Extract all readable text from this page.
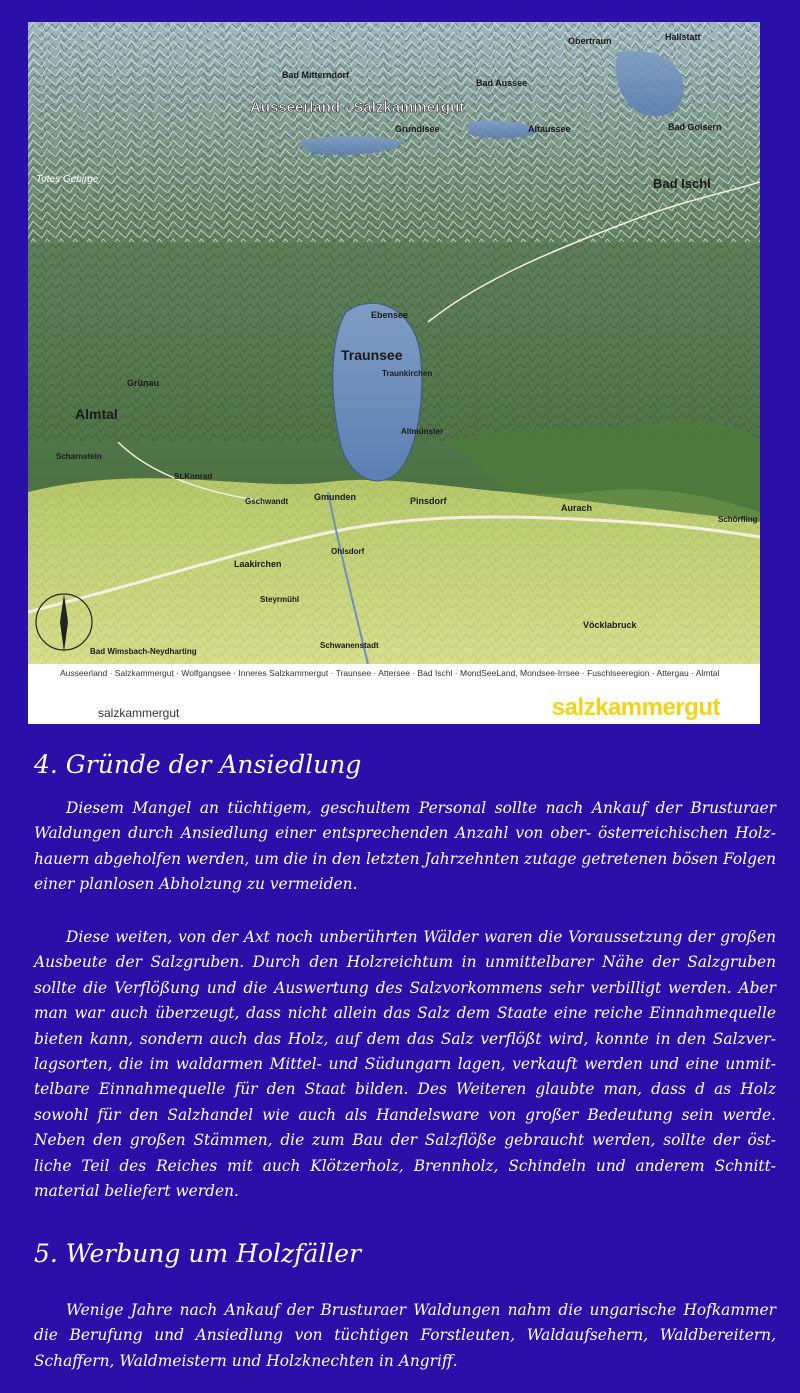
Ausseerland - Salzkammergut
Bad Ischl
Traunsee
Almtal
Gmunden
Ebensee
Hallstatt
Obertraun
Bad Aussee
Bad Mitterndorf
Grundlsee	Altaussee	Bad Goisern
Totes Gebirge
Grünau
Scharnstein
St.Konrad
Laakirchen
Ohlsdorf
Pinsdorf
Altmünster
Traunkirchen
Aurach
Vöcklabruck
Steyrmühl
Schwanenstadt
Bad Wimsbach-Neydharting
Gschwandt
Schörfling
Ausseerland · Salzkammergut · Wolfgangsee · Inneres Salzkammergut · Traunsee · Attersee · Bad Ischl · MondSeeLand, Mondsee-Irrsee · Fuschlseeregion · Attergau · Almtal
salzkammergut	salzkammergut
4. Gründe der Ansiedlung

Diesem Mangel an tüchtigem, geschultem Personal sollte nach Ankauf der Brusturaer Waldungen durch Ansiedlung einer entsprechenden Anzahl von ober- österreichischen Holz- hauern abgeholfen werden, um die in den letzten Jahrzehnten zutage getretenen bösen Folgen einer planlosen Abholzung zu vermeiden.

Diese weiten, von der Axt noch unberührten Wälder waren die Voraussetzung der großen Ausbeute der Salzgruben. Durch den Holzreichtum in unmittelbarer Nähe der Salzgruben sollte die Verflößung und die Auswertung des Salzvorkommens sehr verbilligt werden. Aber man war auch überzeugt, dass nicht allein das Salz dem Staate eine reiche Einnahmequelle bieten kann, sondern auch das Holz, auf dem das Salz verflößt wird, konnte in den Salzver- lagsorten, die im waldarmen Mittel- und Südungarn lagen, verkauft werden und eine unmit- telbare Einnahmequelle für den Staat bilden. Des Weiteren glaubte man, dass d as Holz sowohl für den Salzhandel wie auch als Handelsware von großer Bedeutung sein werde. Neben den großen Stämmen, die zum Bau der Salzflöße gebraucht werden, sollte der öst- liche Teil des Reiches mit auch Klötzerholz, Brennholz, Schindeln und anderem Schnitt- material beliefert werden.

5. Werbung um Holzfäller

Wenige Jahre nach Ankauf der Brusturaer Waldungen nahm die ungarische Hofkammer die Berufung und Ansiedlung von tüchtigen Forstleuten, Waldaufsehern, Waldbereitern, Schaffern, Waldmeistern und Holzknechten in Angriff.
